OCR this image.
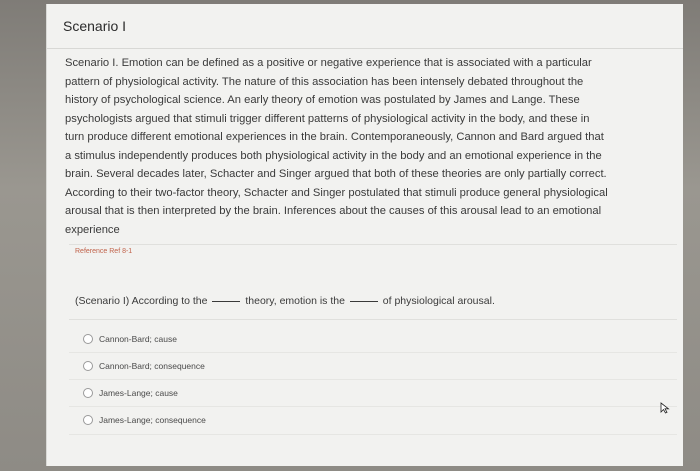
Scenario I
Scenario I. Emotion can be defined as a positive or negative experience that is associated with a particular
pattern of physiological activity. The nature of this association has been intensely debated throughout the
history of psychological science. An early theory of emotion was postulated by James and Lange. These
psychologists argued that stimuli trigger different patterns of physiological activity in the body, and these in
turn produce different emotional experiences in the brain. Contemporaneously, Cannon and Bard argued that
a stimulus independently produces both physiological activity in the body and an emotional experience in the
brain. Several decades later, Schacter and Singer argued that both of these theories are only partially correct.
According to their two-factor theory, Schacter and Singer postulated that stimuli produce general physiological
arousal that is then interpreted by the brain. Inferences about the causes of this arousal lead to an emotional
experience
Reference Ref 8-1
(Scenario I) According to the	theory, emotion is the	of physiological arousal.
Cannon-Bard; cause
Cannon-Bard; consequence
James-Lange; cause
James-Lange; consequence
